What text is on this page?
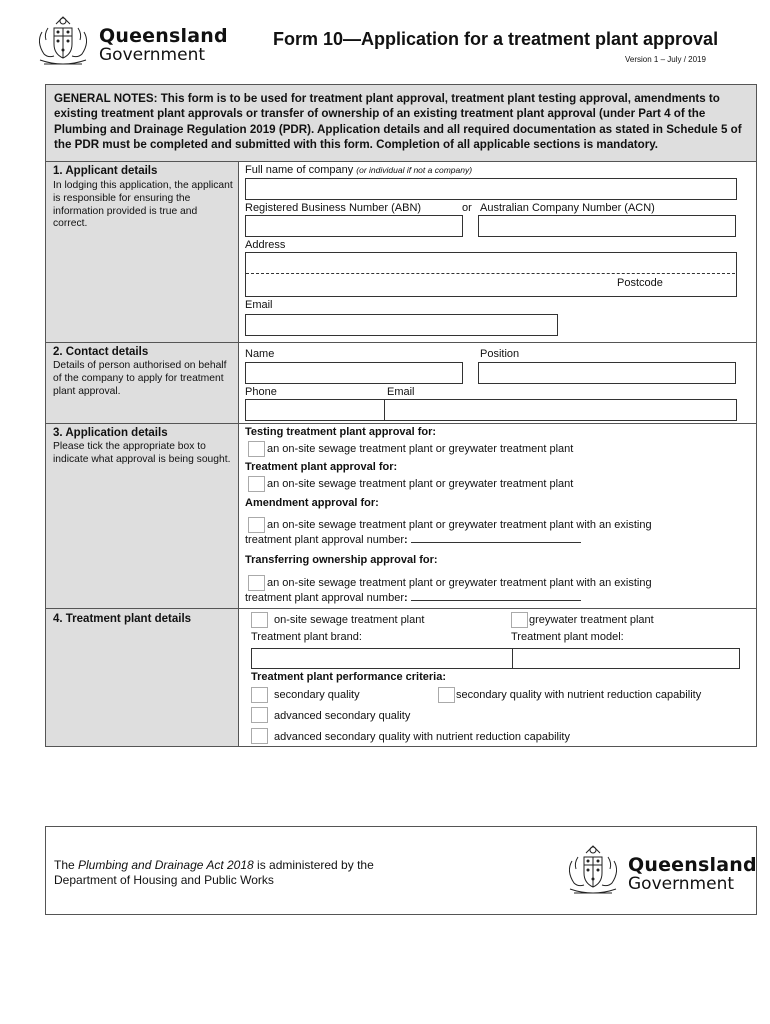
Queensland
Government
Form 10—Application for a treatment plant approval
Version 1 – July / 2019

GENERAL NOTES: This form is to be used for treatment plant approval, treatment plant testing approval, amendments to existing treatment plant approvals or transfer of ownership of an existing treatment plant approval (under Part 4 of the Plumbing and Drainage Regulation 2019 (PDR). Application details and all required documentation as stated in Schedule 5 of the PDR must be completed and submitted with this form. Completion of all applicable sections is mandatory.

1. Applicant details
In lodging this application, the applicant is responsible for ensuring the information provided is true and correct.
Full name of company (or individual if not a company)
Registered Business Number (ABN)	or Australian Company Number (ACN)
Address
Postcode
Email
2. Contact details
Details of person authorised on behalf of the company to apply for treatment plant approval.
Name	Position
Phone	Email
3. Application details
Please tick the appropriate box to indicate what approval is being sought.
Testing treatment plant approval for:
an on-site sewage treatment plant or greywater treatment plant
Treatment plant approval for:
an on-site sewage treatment plant or greywater treatment plant
Amendment approval for:
an on-site sewage treatment plant or greywater treatment plant with an existing
treatment plant approval number:
Transferring ownership approval for:
an on-site sewage treatment plant or greywater treatment plant with an existing
treatment plant approval number:
4. Treatment plant details	on-site sewage treatment plant	greywater treatment plant
Treatment plant brand:	Treatment plant model:
Treatment plant performance criteria:
secondary quality	secondary quality with nutrient reduction capability
advanced secondary quality
advanced secondary quality with nutrient reduction capability
The Plumbing and Drainage Act 2018 is administered by the
Department of Housing and Public Works
Queensland
Government
